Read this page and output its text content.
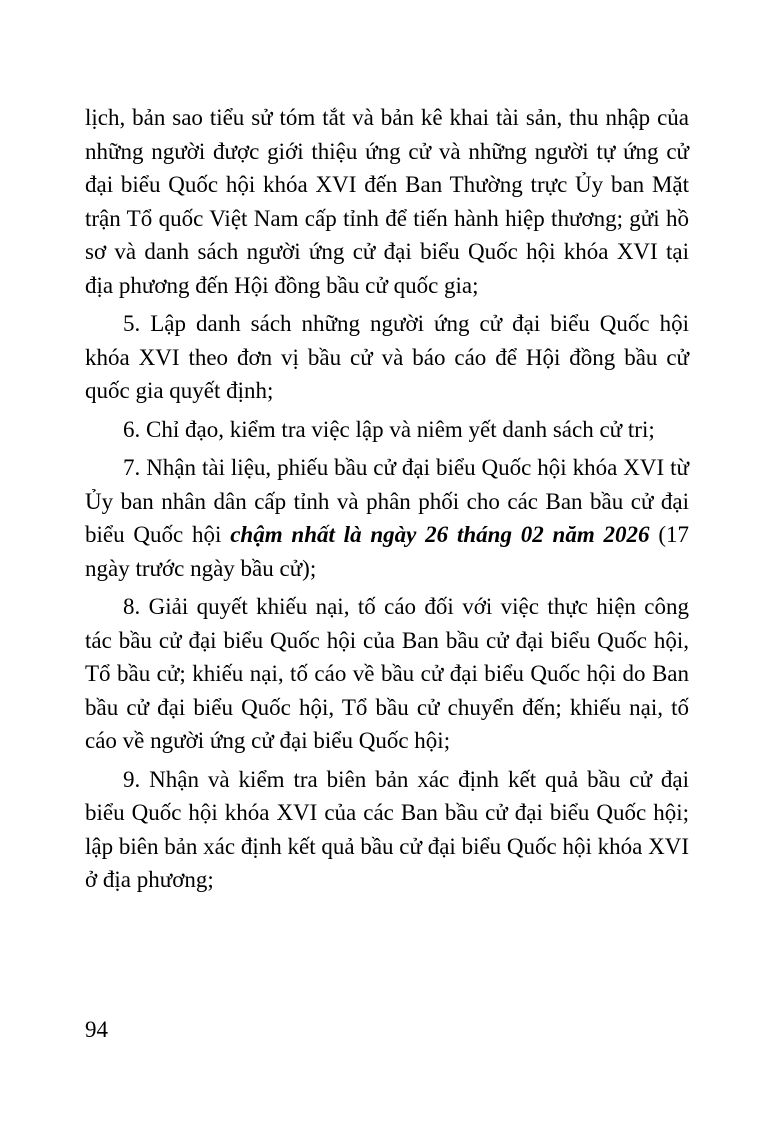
lịch, bản sao tiểu sử tóm tắt và bản kê khai tài sản, thu nhập của những người được giới thiệu ứng cử và những người tự ứng cử đại biểu Quốc hội khóa XVI đến Ban Thường trực Ủy ban Mặt trận Tổ quốc Việt Nam cấp tỉnh để tiến hành hiệp thương; gửi hồ sơ và danh sách người ứng cử đại biểu Quốc hội khóa XVI tại địa phương đến Hội đồng bầu cử quốc gia;

5. Lập danh sách những người ứng cử đại biểu Quốc hội khóa XVI theo đơn vị bầu cử và báo cáo để Hội đồng bầu cử quốc gia quyết định;

6. Chỉ đạo, kiểm tra việc lập và niêm yết danh sách cử tri;

7. Nhận tài liệu, phiếu bầu cử đại biểu Quốc hội khóa XVI từ Ủy ban nhân dân cấp tỉnh và phân phối cho các Ban bầu cử đại biểu Quốc hội chậm nhất là ngày 26 tháng 02 năm 2026 (17 ngày trước ngày bầu cử);

8. Giải quyết khiếu nại, tố cáo đối với việc thực hiện công tác bầu cử đại biểu Quốc hội của Ban bầu cử đại biểu Quốc hội, Tổ bầu cử; khiếu nại, tố cáo về bầu cử đại biểu Quốc hội do Ban bầu cử đại biểu Quốc hội, Tổ bầu cử chuyển đến; khiếu nại, tố cáo về người ứng cử đại biểu Quốc hội;

9. Nhận và kiểm tra biên bản xác định kết quả bầu cử đại biểu Quốc hội khóa XVI của các Ban bầu cử đại biểu Quốc hội; lập biên bản xác định kết quả bầu cử đại biểu Quốc hội khóa XVI ở địa phương;

94
